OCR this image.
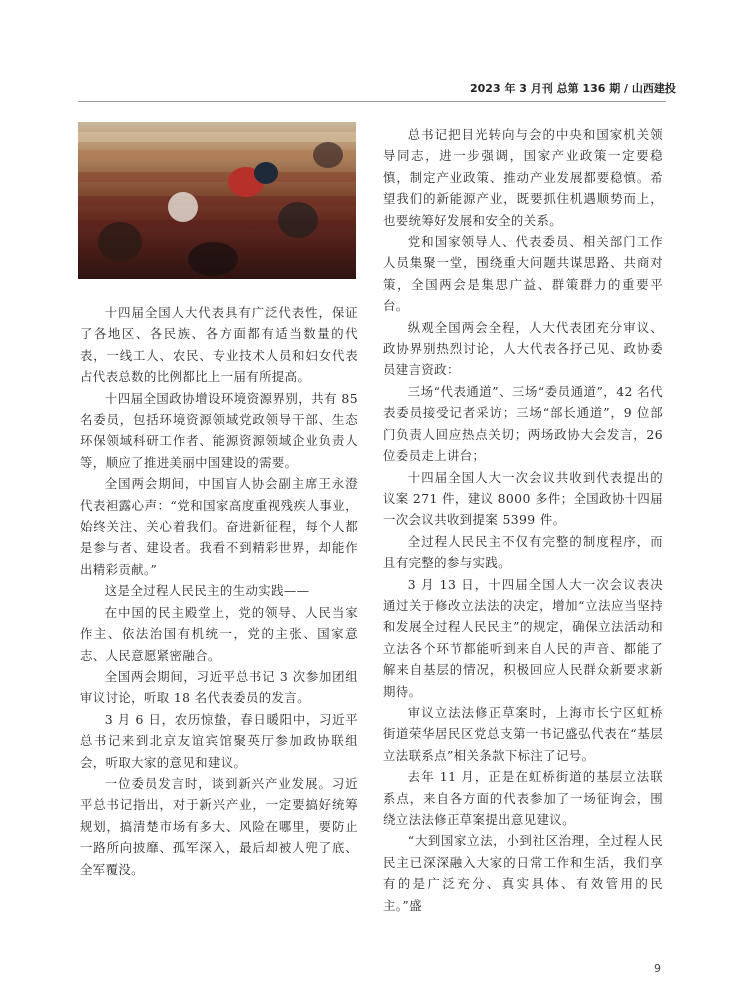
2023 年 3 月刊 总第 136 期 / 山西建投

十四届全国人大代表具有广泛代表性，保证了各地区、各民族、各方面都有适当数量的代表，一线工人、农民、专业技术人员和妇女代表占代表总数的比例都比上一届有所提高。

十四届全国政协增设环境资源界别，共有 85 名委员，包括环境资源领域党政领导干部、生态环保领域科研工作者、能源资源领域企业负责人等，顺应了推进美丽中国建设的需要。

全国两会期间，中国盲人协会副主席王永澄代表袒露心声：“党和国家高度重视残疾人事业，始终关注、关心着我们。奋进新征程，每个人都是参与者、建设者。我看不到精彩世界，却能作出精彩贡献。”

这是全过程人民民主的生动实践——

在中国的民主殿堂上，党的领导、人民当家作主、依法治国有机统一，党的主张、国家意志、人民意愿紧密融合。

全国两会期间，习近平总书记 3 次参加团组审议讨论，听取 18 名代表委员的发言。

3 月 6 日，农历惊蛰，春日暖阳中，习近平总书记来到北京友谊宾馆聚英厅参加政协联组会，听取大家的意见和建议。

一位委员发言时，谈到新兴产业发展。习近平总书记指出，对于新兴产业，一定要搞好统筹规划，搞清楚市场有多大、风险在哪里，要防止一路所向披靡、孤军深入，最后却被人兜了底、全军覆没。

总书记把目光转向与会的中央和国家机关领导同志，进一步强调，国家产业政策一定要稳慎，制定产业政策、推动产业发展都要稳慎。希望我们的新能源产业，既要抓住机遇顺势而上，也要统筹好发展和安全的关系。

党和国家领导人、代表委员、相关部门工作人员集聚一堂，围绕重大问题共谋思路、共商对策，全国两会是集思广益、群策群力的重要平台。

纵观全国两会全程，人大代表团充分审议、政协界别热烈讨论，人大代表各抒己见、政协委员建言资政：

三场“代表通道”、三场“委员通道”，42 名代表委员接受记者采访；三场“部长通道”，9 位部门负责人回应热点关切；两场政协大会发言，26 位委员走上讲台；

十四届全国人大一次会议共收到代表提出的议案 271 件，建议 8000 多件；全国政协十四届一次会议共收到提案 5399 件。

全过程人民民主不仅有完整的制度程序，而且有完整的参与实践。

3 月 13 日，十四届全国人大一次会议表决通过关于修改立法法的决定，增加“立法应当坚持和发展全过程人民民主”的规定，确保立法活动和立法各个环节都能听到来自人民的声音、都能了解来自基层的情况，积极回应人民群众新要求新期待。

审议立法法修正草案时，上海市长宁区虹桥街道荣华居民区党总支第一书记盛弘代表在“基层立法联系点”相关条款下标注了记号。

去年 11 月，正是在虹桥街道的基层立法联系点，来自各方面的代表参加了一场征询会，围绕立法法修正草案提出意见建议。

“大到国家立法，小到社区治理，全过程人民民主已深深融入大家的日常工作和生活，我们享有的是广泛充分、真实具体、有效管用的民主。”盛

9
